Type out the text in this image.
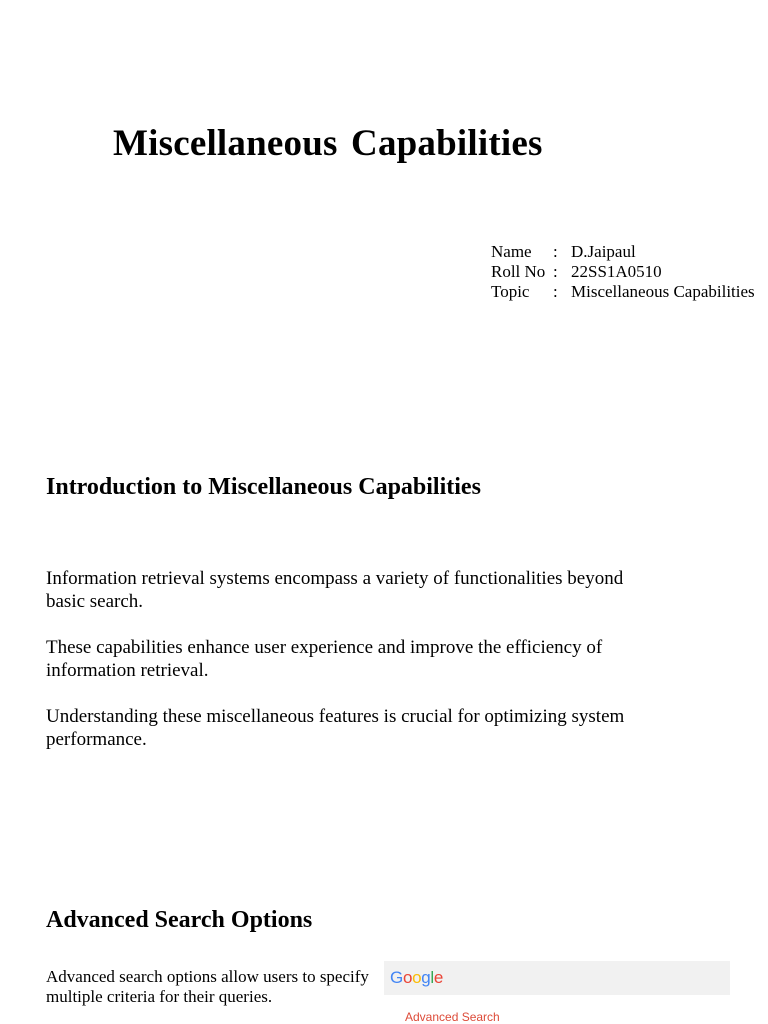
Miscellaneous Capabilities
Name	: D.Jaipaul
Roll No : 22SS1A0510
Topic	: Miscellaneous Capabilities
Introduction to Miscellaneous Capabilities

Information retrieval systems encompass a variety of functionalities beyond basic search.

These capabilities enhance user experience and improve the efficiency of information retrieval.

Understanding these miscellaneous features is crucial for optimizing system performance.

Advanced Search Options

Advanced search options allow users to specify multiple criteria for their queries.

Google
Advanced Search
